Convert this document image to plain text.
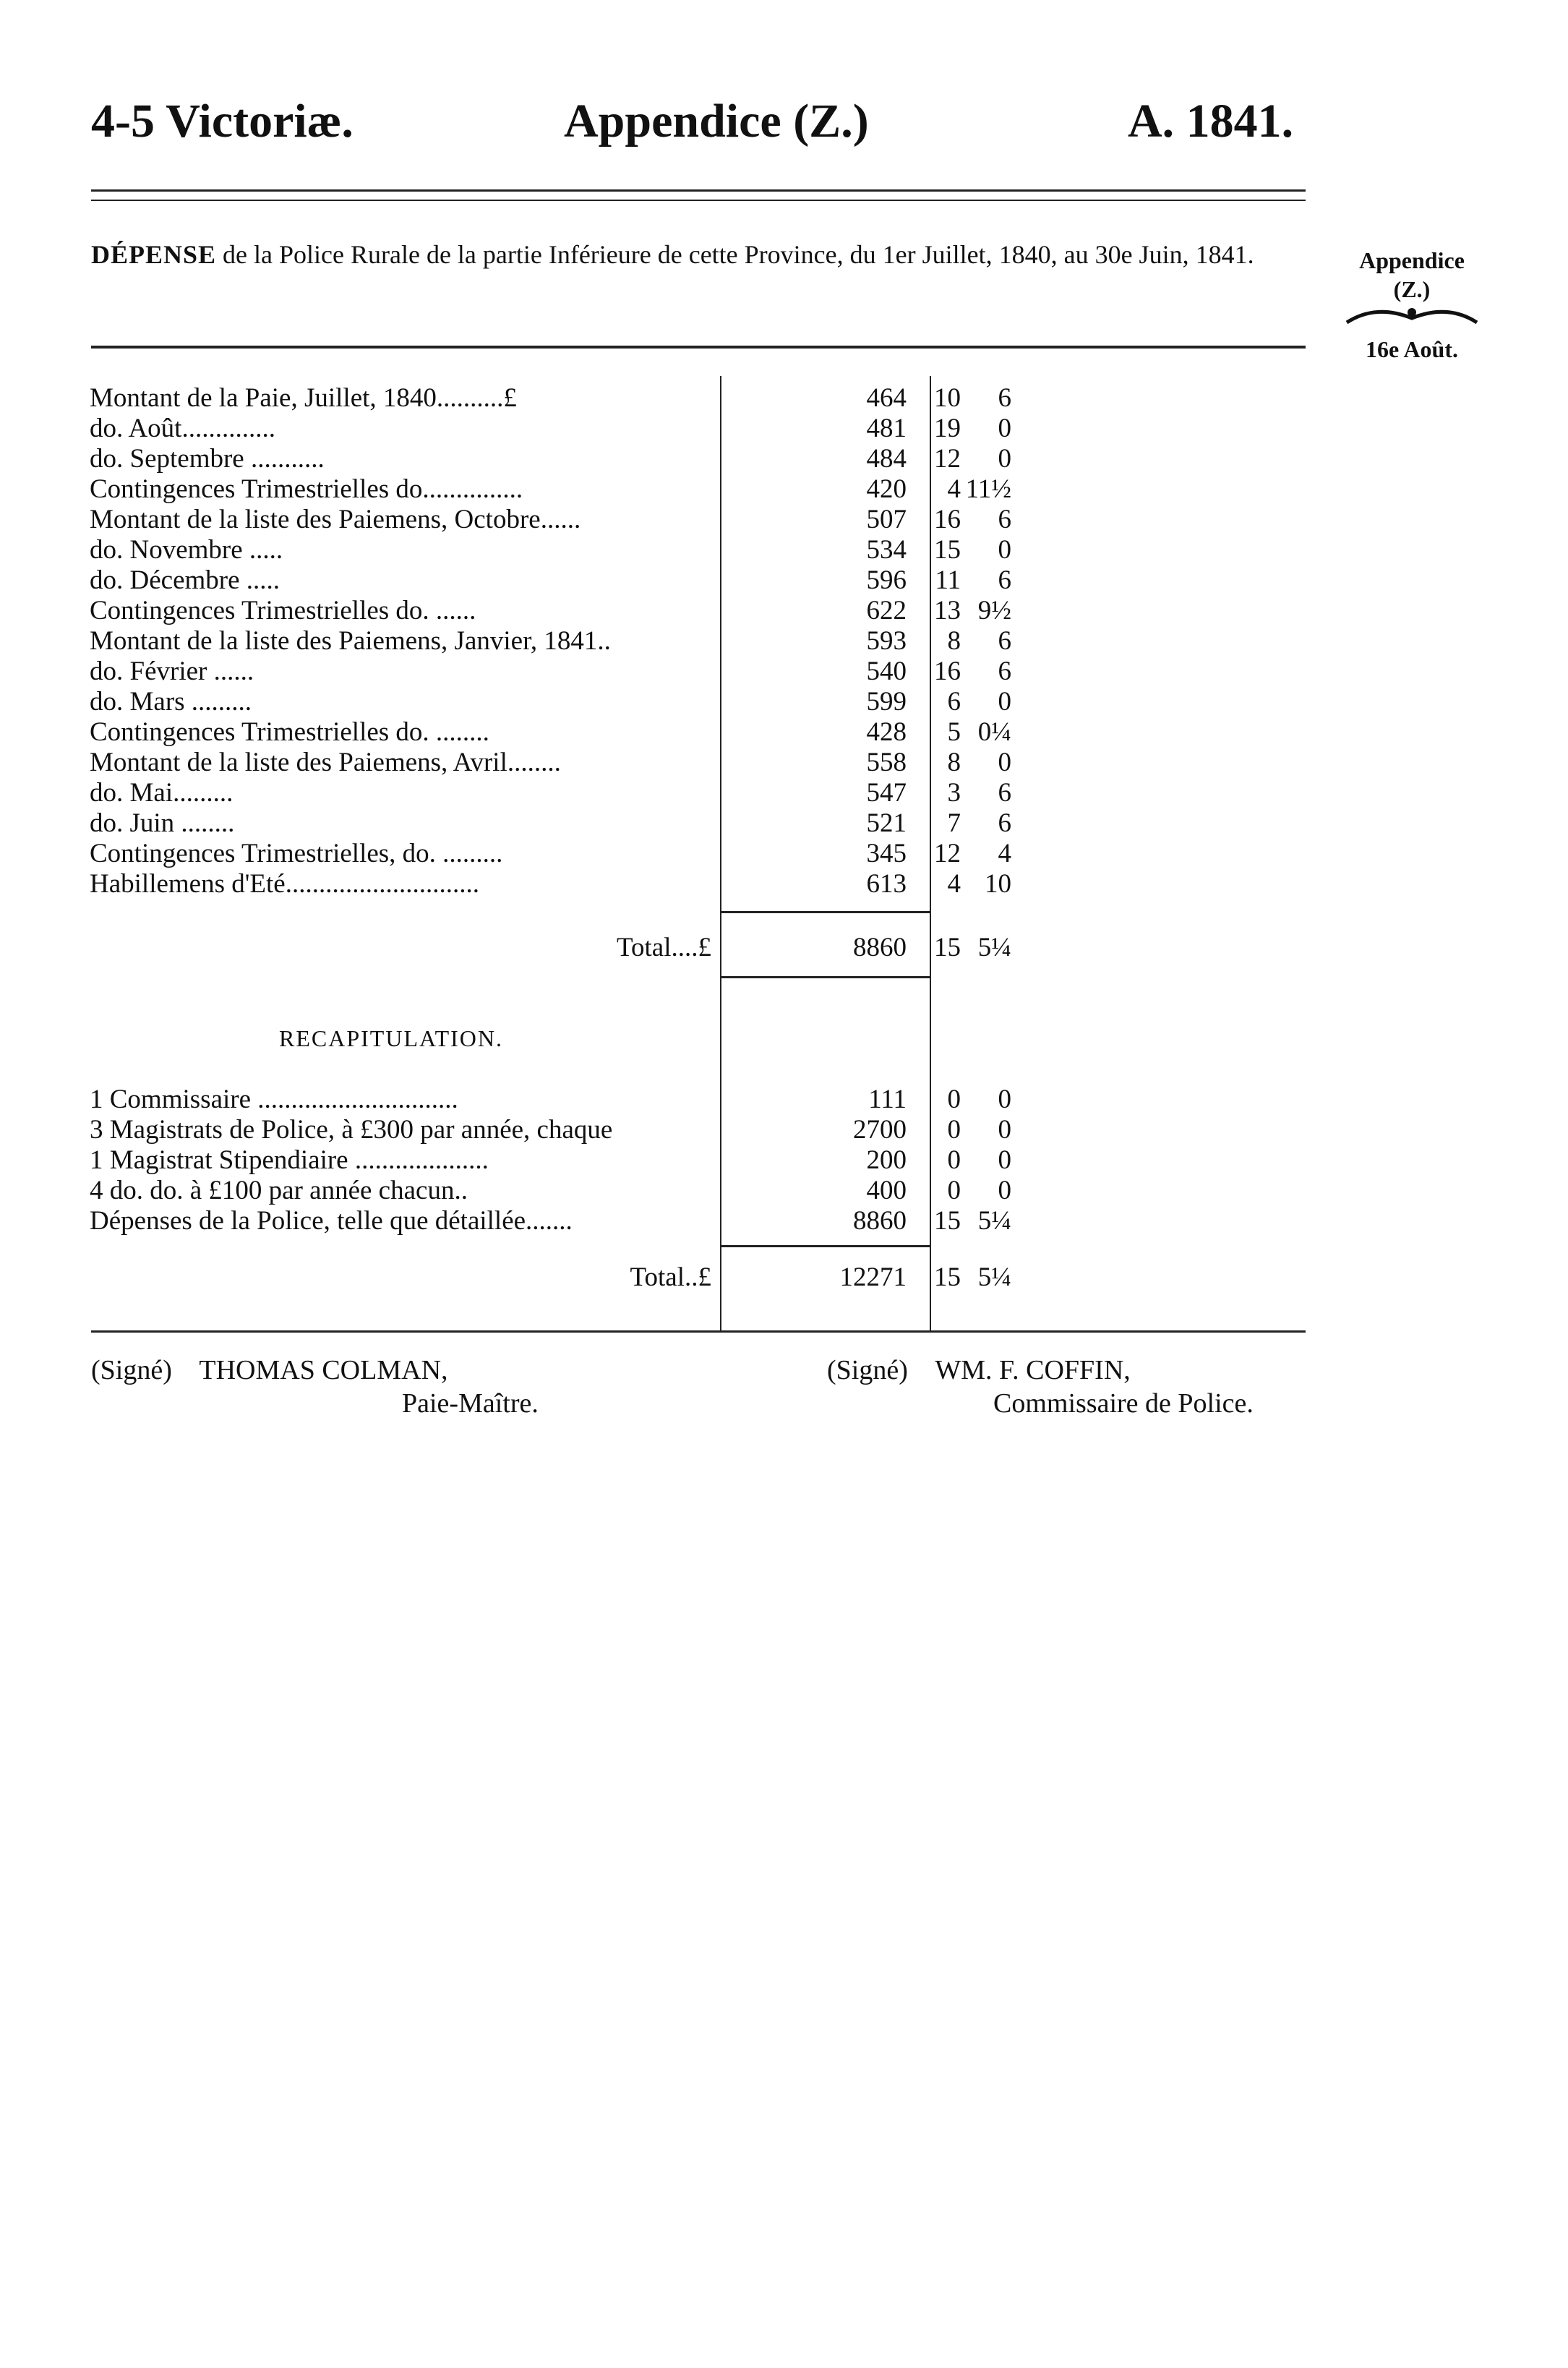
4-5 Victoriæ.	Appendice (Z.)	A. 1841.
DÉPENSE de la Police Rurale de la partie Inférieure de cette Province, du 1er Juillet, 1840, au 30e Juin, 1841.	Appendice
(Z.)
16e Août.
Montant de la Paie, Juillet, 1840..........£	464	10	6
do. Août..............	481	19	0
do. Septembre ...........	484	12	0
Contingences Trimestrielles do...............	420	4 11½
Montant de la liste des Paiemens, Octobre......	507	16	6
do. Novembre .....	534	15	0
do. Décembre .....	596	11	6
Contingences Trimestrielles do. ......	622	13 9½
Montant de la liste des Paiemens, Janvier, 1841..	593	8	6
do. Février ......	540	16	6
do. Mars .........	599	6	0
Contingences Trimestrielles do. ........	428	5 0¼
Montant de la liste des Paiemens, Avril........	558	8	0
do. Mai.........	547	3	6
do. Juin ........	521	7	6
Contingences Trimestrielles, do. .........	345	12	4
Habillemens d'Eté.............................	613	4 10
Total....£	8860	15 5¼
RECAPITULATION.
1 Commissaire ..............................	111	0	0
3 Magistrats de Police, à £300 par année, chaque	2700	0	0
1 Magistrat Stipendiaire ....................	200	0	0
4 do. do. à £100 par année chacun..	400	0	0
Dépenses de la Police, telle que détaillée.......	8860	15 5¼
Total..£	12271	15 5¼
(Signé) THOMAS COLMAN,
Paie-Maître.
(Signé) WM. F. COFFIN,
Commissaire de Police.
